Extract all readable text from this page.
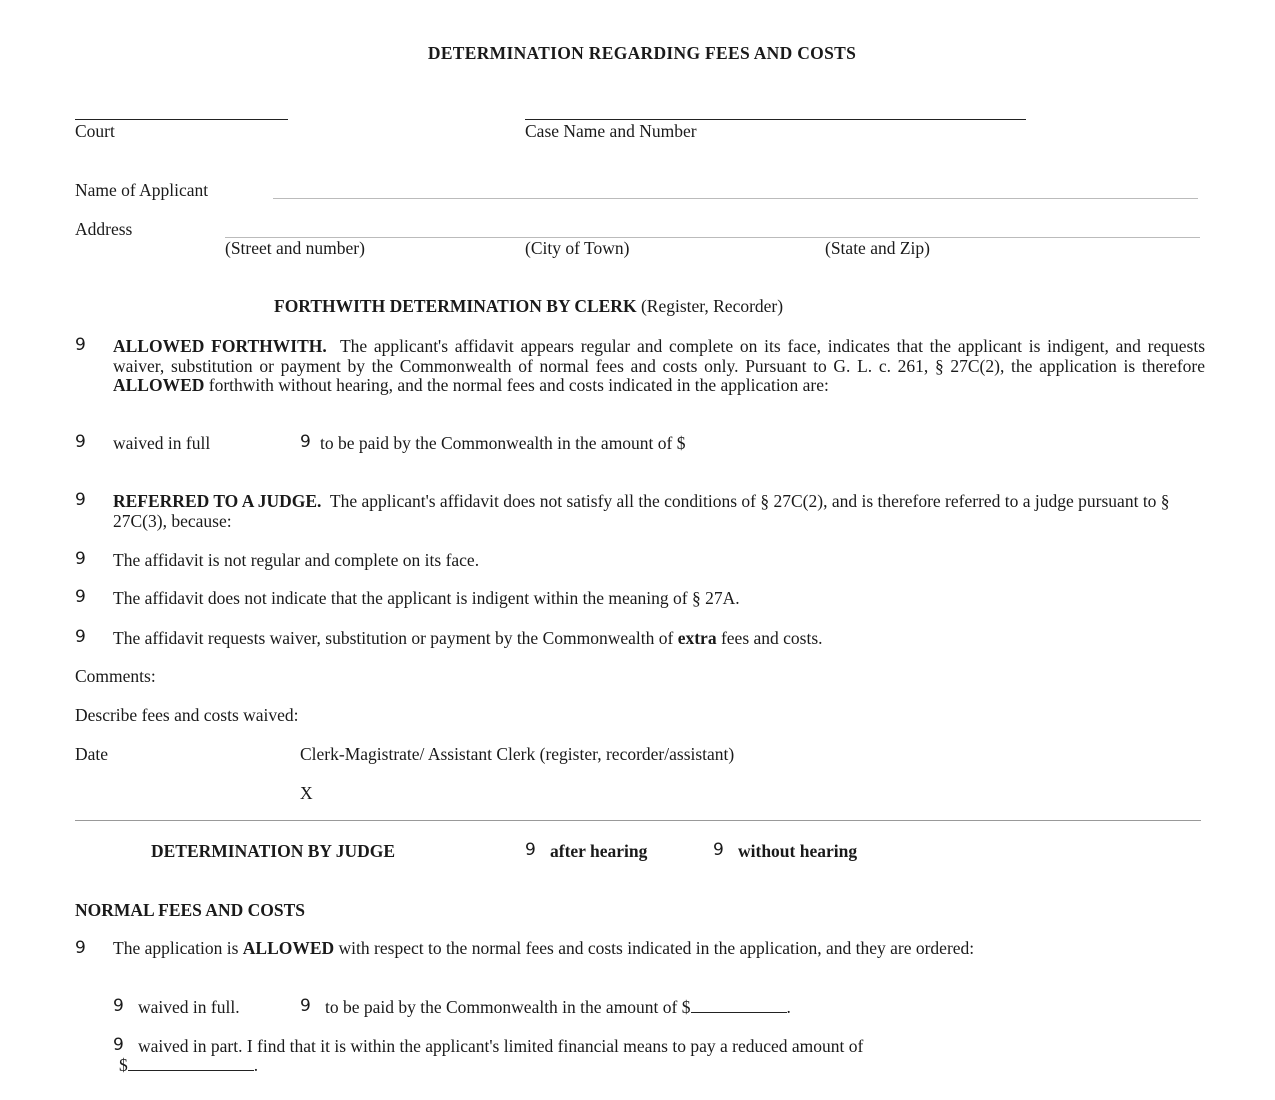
DETERMINATION REGARDING FEES AND COSTS
Court	Case Name and Number
Name of Applicant
Address
(Street and number)	(City of Town)	(State and Zip)
FORTHWITH DETERMINATION BY CLERK (Register, Recorder)
9 ALLOWED FORTHWITH. The applicant's affidavit appears regular and complete on its face, indicates that the applicant is indigent, and requests waiver, substitution or payment by the Commonwealth of normal fees and costs only. Pursuant to G. L. c. 261, § 27C(2), the application is therefore ALLOWED forthwith without hearing, and the normal fees and costs indicated in the application are:
9 waived in full	9 to be paid by the Commonwealth in the amount of $
9 REFERRED TO A JUDGE. The applicant's affidavit does not satisfy all the conditions of § 27C(2), and is therefore referred to a judge pursuant to § 27C(3), because:
9 The affidavit is not regular and complete on its face.
9 The affidavit does not indicate that the applicant is indigent within the meaning of § 27A.
9 The affidavit requests waiver, substitution or payment by the Commonwealth of extra fees and costs.
Comments:
Describe fees and costs waived:
Date	Clerk-Magistrate/ Assistant Clerk (register, recorder/assistant)
X
DETERMINATION BY JUDGE	9 after hearing	9 without hearing
NORMAL FEES AND COSTS
9	The application is ALLOWED with respect to the normal fees and costs indicated in the application, and they are ordered:
9 waived in full.	9 to be paid by the Commonwealth in the amount of $	.
9 waived in part. I find that it is within the applicant's limited financial means to pay a reduced amount of
$	.
